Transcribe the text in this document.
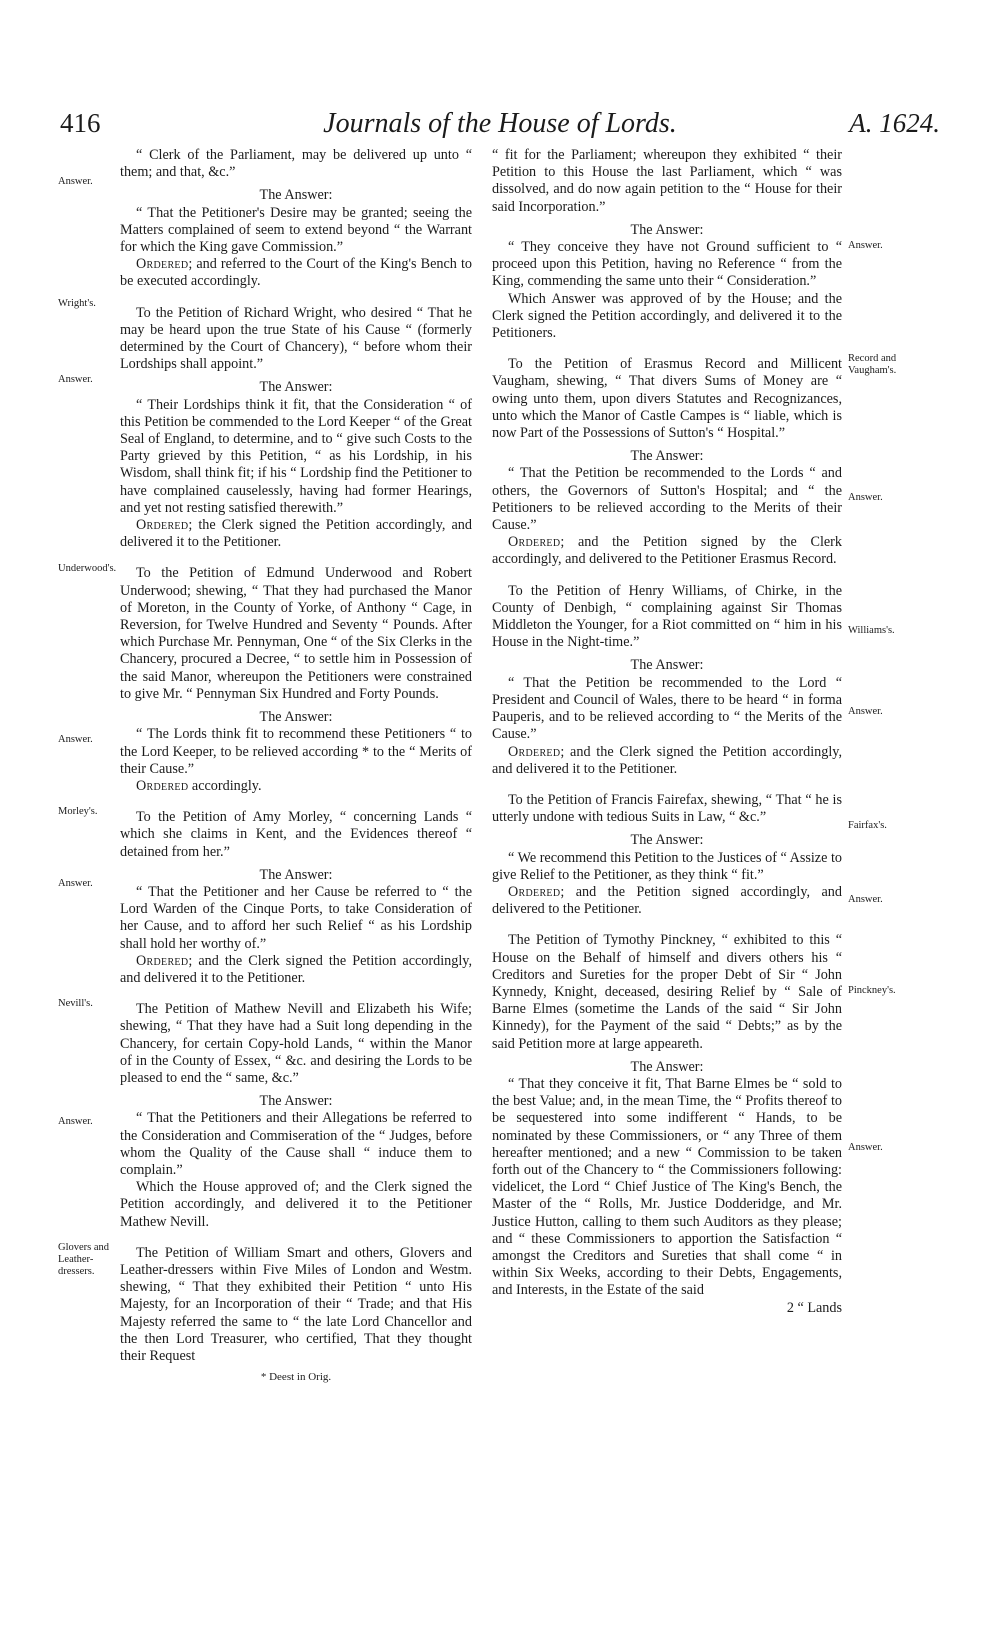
416	Journals of the House of Lords.	A. 1624.

“ Clerk of the Parliament, may be delivered up unto “ them; and that, &c.”

The Answer:

“ That the Petitioner's Desire may be granted; seeing the Matters complained of seem to extend beyond “ the Warrant for which the King gave Commission.”

Ordered; and referred to the Court of the King's Bench to be executed accordingly.

To the Petition of Richard Wright, who desired “ That he may be heard upon the true State of his Cause “ (formerly determined by the Court of Chancery), “ before whom their Lordships shall appoint.”

The Answer:

“ Their Lordships think it fit, that the Consideration “ of this Petition be commended to the Lord Keeper “ of the Great Seal of England, to determine, and to “ give such Costs to the Party grieved by this Petition, “ as his Lordship, in his Wisdom, shall think fit; if his “ Lordship find the Petitioner to have complained causelessly, having had former Hearings, and yet not resting satisfied therewith.”

Ordered; the Clerk signed the Petition accordingly, and delivered it to the Petitioner.

To the Petition of Edmund Underwood and Robert Underwood; shewing, “ That they had purchased the Manor of Moreton, in the County of Yorke, of Anthony “ Cage, in Reversion, for Twelve Hundred and Seventy “ Pounds. After which Purchase Mr. Pennyman, One “ of the Six Clerks in the Chancery, procured a Decree, “ to settle him in Possession of the said Manor, whereupon the Petitioners were constrained to give Mr. “ Pennyman Six Hundred and Forty Pounds.

The Answer:

“ The Lords think fit to recommend these Petitioners “ to the Lord Keeper, to be relieved according * to the “ Merits of their Cause.”

Ordered accordingly.

To the Petition of Amy Morley, “ concerning Lands “ which she claims in Kent, and the Evidences thereof “ detained from her.”

The Answer:

“ That the Petitioner and her Cause be referred to “ the Lord Warden of the Cinque Ports, to take Consideration of her Cause, and to afford her such Relief “ as his Lordship shall hold her worthy of.”

Ordered; and the Clerk signed the Petition accordingly, and delivered it to the Petitioner.

The Petition of Mathew Nevill and Elizabeth his Wife; shewing, “ That they have had a Suit long depending in the Chancery, for certain Copy-hold Lands, “ within the Manor of in the County of Essex, “ &c. and desiring the Lords to be pleased to end the “ same, &c.”

The Answer:

“ That the Petitioners and their Allegations be referred to the Consideration and Commiseration of the “ Judges, before whom the Quality of the Cause shall “ induce them to complain.”

Which the House approved of; and the Clerk signed the Petition accordingly, and delivered it to the Petitioner Mathew Nevill.

The Petition of William Smart and others, Glovers and Leather-dressers within Five Miles of London and Westm. shewing, “ That they exhibited their Petition “ unto His Majesty, for an Incorporation of their “ Trade; and that His Majesty referred the same to “ the late Lord Chancellor and the then Lord Treasurer, who certified, That they thought their Request

* Deest in Orig.

“ fit for the Parliament; whereupon they exhibited “ their Petition to this House the last Parliament, which “ was dissolved, and do now again petition to the “ House for their said Incorporation.”

The Answer:

“ They conceive they have not Ground sufficient to “ proceed upon this Petition, having no Reference “ from the King, commending the same unto their “ Consideration.”

Which Answer was approved of by the House; and the Clerk signed the Petition accordingly, and delivered it to the Petitioners.

To the Petition of Erasmus Record and Millicent Vaugham, shewing, “ That divers Sums of Money are “ owing unto them, upon divers Statutes and Recognizances, unto which the Manor of Castle Campes is “ liable, which is now Part of the Possessions of Sutton's “ Hospital.”

The Answer:

“ That the Petition be recommended to the Lords “ and others, the Governors of Sutton's Hospital; and “ the Petitioners to be relieved according to the Merits of their Cause.”

Ordered; and the Petition signed by the Clerk accordingly, and delivered to the Petitioner Erasmus Record.

To the Petition of Henry Williams, of Chirke, in the County of Denbigh, “ complaining against Sir Thomas Middleton the Younger, for a Riot committed on “ him in his House in the Night-time.”

The Answer:

“ That the Petition be recommended to the Lord “ President and Council of Wales, there to be heard “ in forma Pauperis, and to be relieved according to “ the Merits of the Cause.”

Ordered; and the Clerk signed the Petition accordingly, and delivered it to the Petitioner.

To the Petition of Francis Fairefax, shewing, “ That “ he is utterly undone with tedious Suits in Law, “ &c.”

The Answer:

“ We recommend this Petition to the Justices of “ Assize to give Relief to the Petitioner, as they think “ fit.”

Ordered; and the Petition signed accordingly, and delivered to the Petitioner.

The Petition of Tymothy Pinckney, “ exhibited to this “ House on the Behalf of himself and divers others his “ Creditors and Sureties for the proper Debt of Sir “ John Kynnedy, Knight, deceased, desiring Relief by “ Sale of Barne Elmes (sometime the Lands of the said “ Sir John Kinnedy), for the Payment of the said “ Debts;” as by the said Petition more at large appeareth.

The Answer:

“ That they conceive it fit, That Barne Elmes be “ sold to the best Value; and, in the mean Time, the “ Profits thereof to be sequestered into some indifferent “ Hands, to be nominated by these Commissioners, or “ any Three of them hereafter mentioned; and a new “ Commission to be taken forth out of the Chancery to “ the Commissioners following: videlicet, the Lord “ Chief Justice of The King's Bench, the Master of the “ Rolls, Mr. Justice Dodderidge, and Mr. Justice Hutton, calling to them such Auditors as they please; and “ these Commissioners to apportion the Satisfaction “ amongst the Creditors and Sureties that shall come “ in within Six Weeks, according to their Debts, Engagements, and Interests, in the Estate of the said

2 “ Lands

Answer.
Wright's.
Answer.
Underwood's.
Answer.
Morley's.
Answer.
Nevill's.
Answer.
Glovers and Leather-dressers.
Answer.
Record and Vaugham's.
Answer.
Williams's.
Answer.
Fairfax's.
Answer.
Pinckney's.
Answer.
